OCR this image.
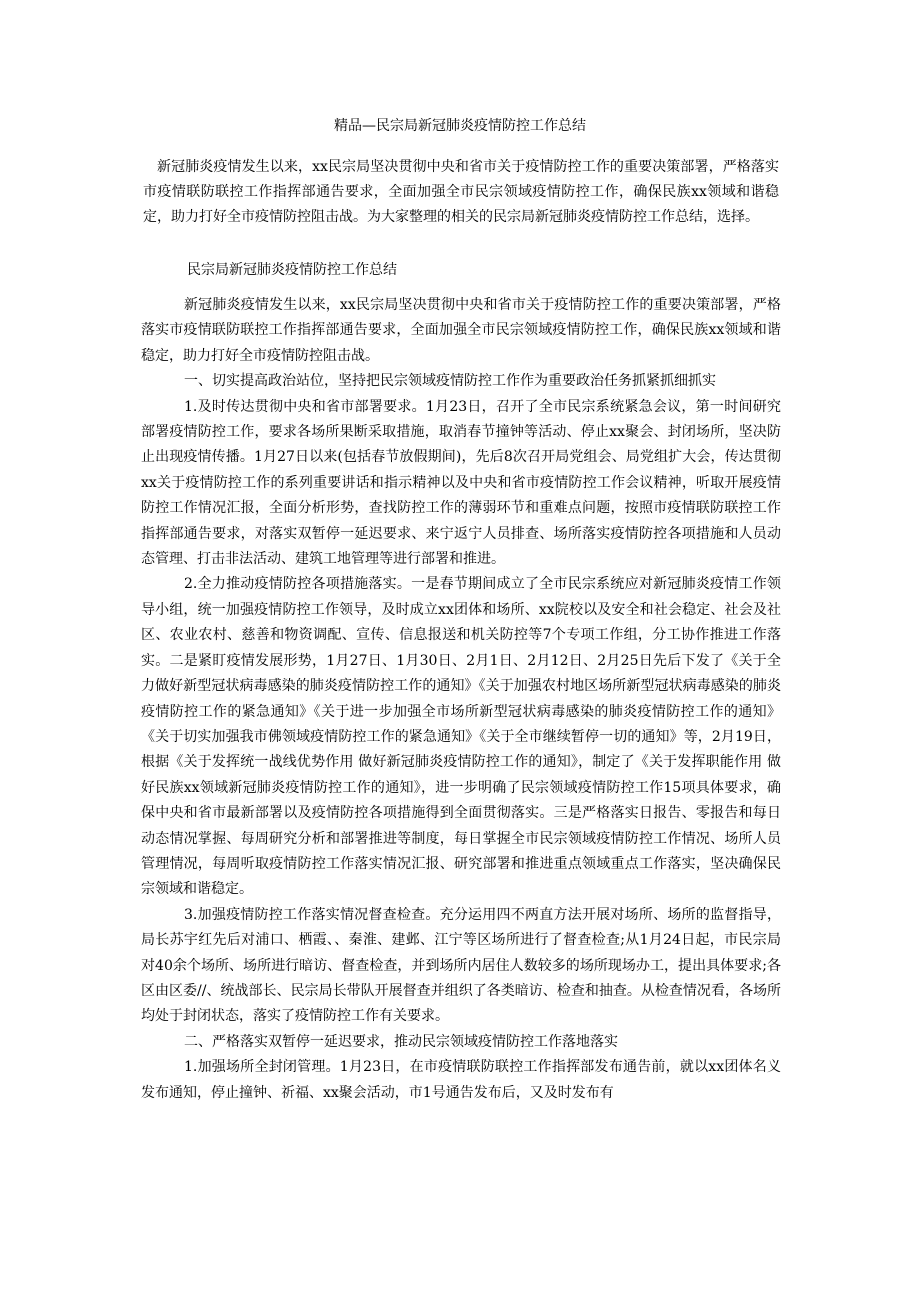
精品—民宗局新冠肺炎疫情防控工作总结

新冠肺炎疫情发生以来，xx民宗局坚决贯彻中央和省市关于疫情防控工作的重要决策部署，严格落实市疫情联防联控工作指挥部通告要求，全面加强全市民宗领域疫情防控工作，确保民族xx领域和谐稳定，助力打好全市疫情防控阻击战。为大家整理的相关的民宗局新冠肺炎疫情防控工作总结，选择。

民宗局新冠肺炎疫情防控工作总结

新冠肺炎疫情发生以来，xx民宗局坚决贯彻中央和省市关于疫情防控工作的重要决策部署，严格落实市疫情联防联控工作指挥部通告要求，全面加强全市民宗领域疫情防控工作，确保民族xx领域和谐稳定，助力打好全市疫情防控阻击战。

一、切实提高政治站位，坚持把民宗领域疫情防控工作作为重要政治任务抓紧抓细抓实

1.及时传达贯彻中央和省市部署要求。1月23日，召开了全市民宗系统紧急会议，第一时间研究部署疫情防控工作，要求各场所果断采取措施，取消春节撞钟等活动、停止xx聚会、封闭场所，坚决防止出现疫情传播。1月27日以来(包括春节放假期间)，先后8次召开局党组会、局党组扩大会，传达贯彻xx关于疫情防控工作的系列重要讲话和指示精神以及中央和省市疫情防控工作会议精神，听取开展疫情防控工作情况汇报，全面分析形势，查找防控工作的薄弱环节和重难点问题，按照市疫情联防联控工作指挥部通告要求，对落实双暂停一延迟要求、来宁返宁人员排查、场所落实疫情防控各项措施和人员动态管理、打击非法活动、建筑工地管理等进行部署和推进。

2.全力推动疫情防控各项措施落实。一是春节期间成立了全市民宗系统应对新冠肺炎疫情工作领导小组，统一加强疫情防控工作领导，及时成立xx团体和场所、xx院校以及安全和社会稳定、社会及社区、农业农村、慈善和物资调配、宣传、信息报送和机关防控等7个专项工作组，分工协作推进工作落实。二是紧盯疫情发展形势，1月27日、1月30日、2月1日、2月12日、2月25日先后下发了《关于全力做好新型冠状病毒感染的肺炎疫情防控工作的通知》《关于加强农村地区场所新型冠状病毒感染的肺炎疫情防控工作的紧急通知》《关于进一步加强全市场所新型冠状病毒感染的肺炎疫情防控工作的通知》《关于切实加强我市佛领域疫情防控工作的紧急通知》《关于全市继续暂停一切的通知》等，2月19日，根据《关于发挥统一战线优势作用 做好新冠肺炎疫情防控工作的通知》，制定了《关于发挥职能作用 做好民族xx领域新冠肺炎疫情防控工作的通知》，进一步明确了民宗领域疫情防控工作15项具体要求，确保中央和省市最新部署以及疫情防控各项措施得到全面贯彻落实。三是严格落实日报告、零报告和每日动态情况掌握、每周研究分析和部署推进等制度，每日掌握全市民宗领域疫情防控工作情况、场所人员管理情况，每周听取疫情防控工作落实情况汇报、研究部署和推进重点领域重点工作落实，坚决确保民宗领域和谐稳定。

3.加强疫情防控工作落实情况督查检查。充分运用四不两直方法开展对场所、场所的监督指导，局长苏宇红先后对浦口、栖霞、、秦淮、建邺、江宁等区场所进行了督查检查;从1月24日起，市民宗局对40余个场所、场所进行暗访、督查检查，并到场所内居住人数较多的场所现场办工，提出具体要求;各区由区委//、统战部长、民宗局长带队开展督查并组织了各类暗访、检查和抽查。从检查情况看，各场所均处于封闭状态，落实了疫情防控工作有关要求。

二、严格落实双暂停一延迟要求，推动民宗领域疫情防控工作落地落实

1.加强场所全封闭管理。1月23日，在市疫情联防联控工作指挥部发布通告前，就以xx团体名义发布通知，停止撞钟、祈福、xx聚会活动，市1号通告发布后，又及时发布有
